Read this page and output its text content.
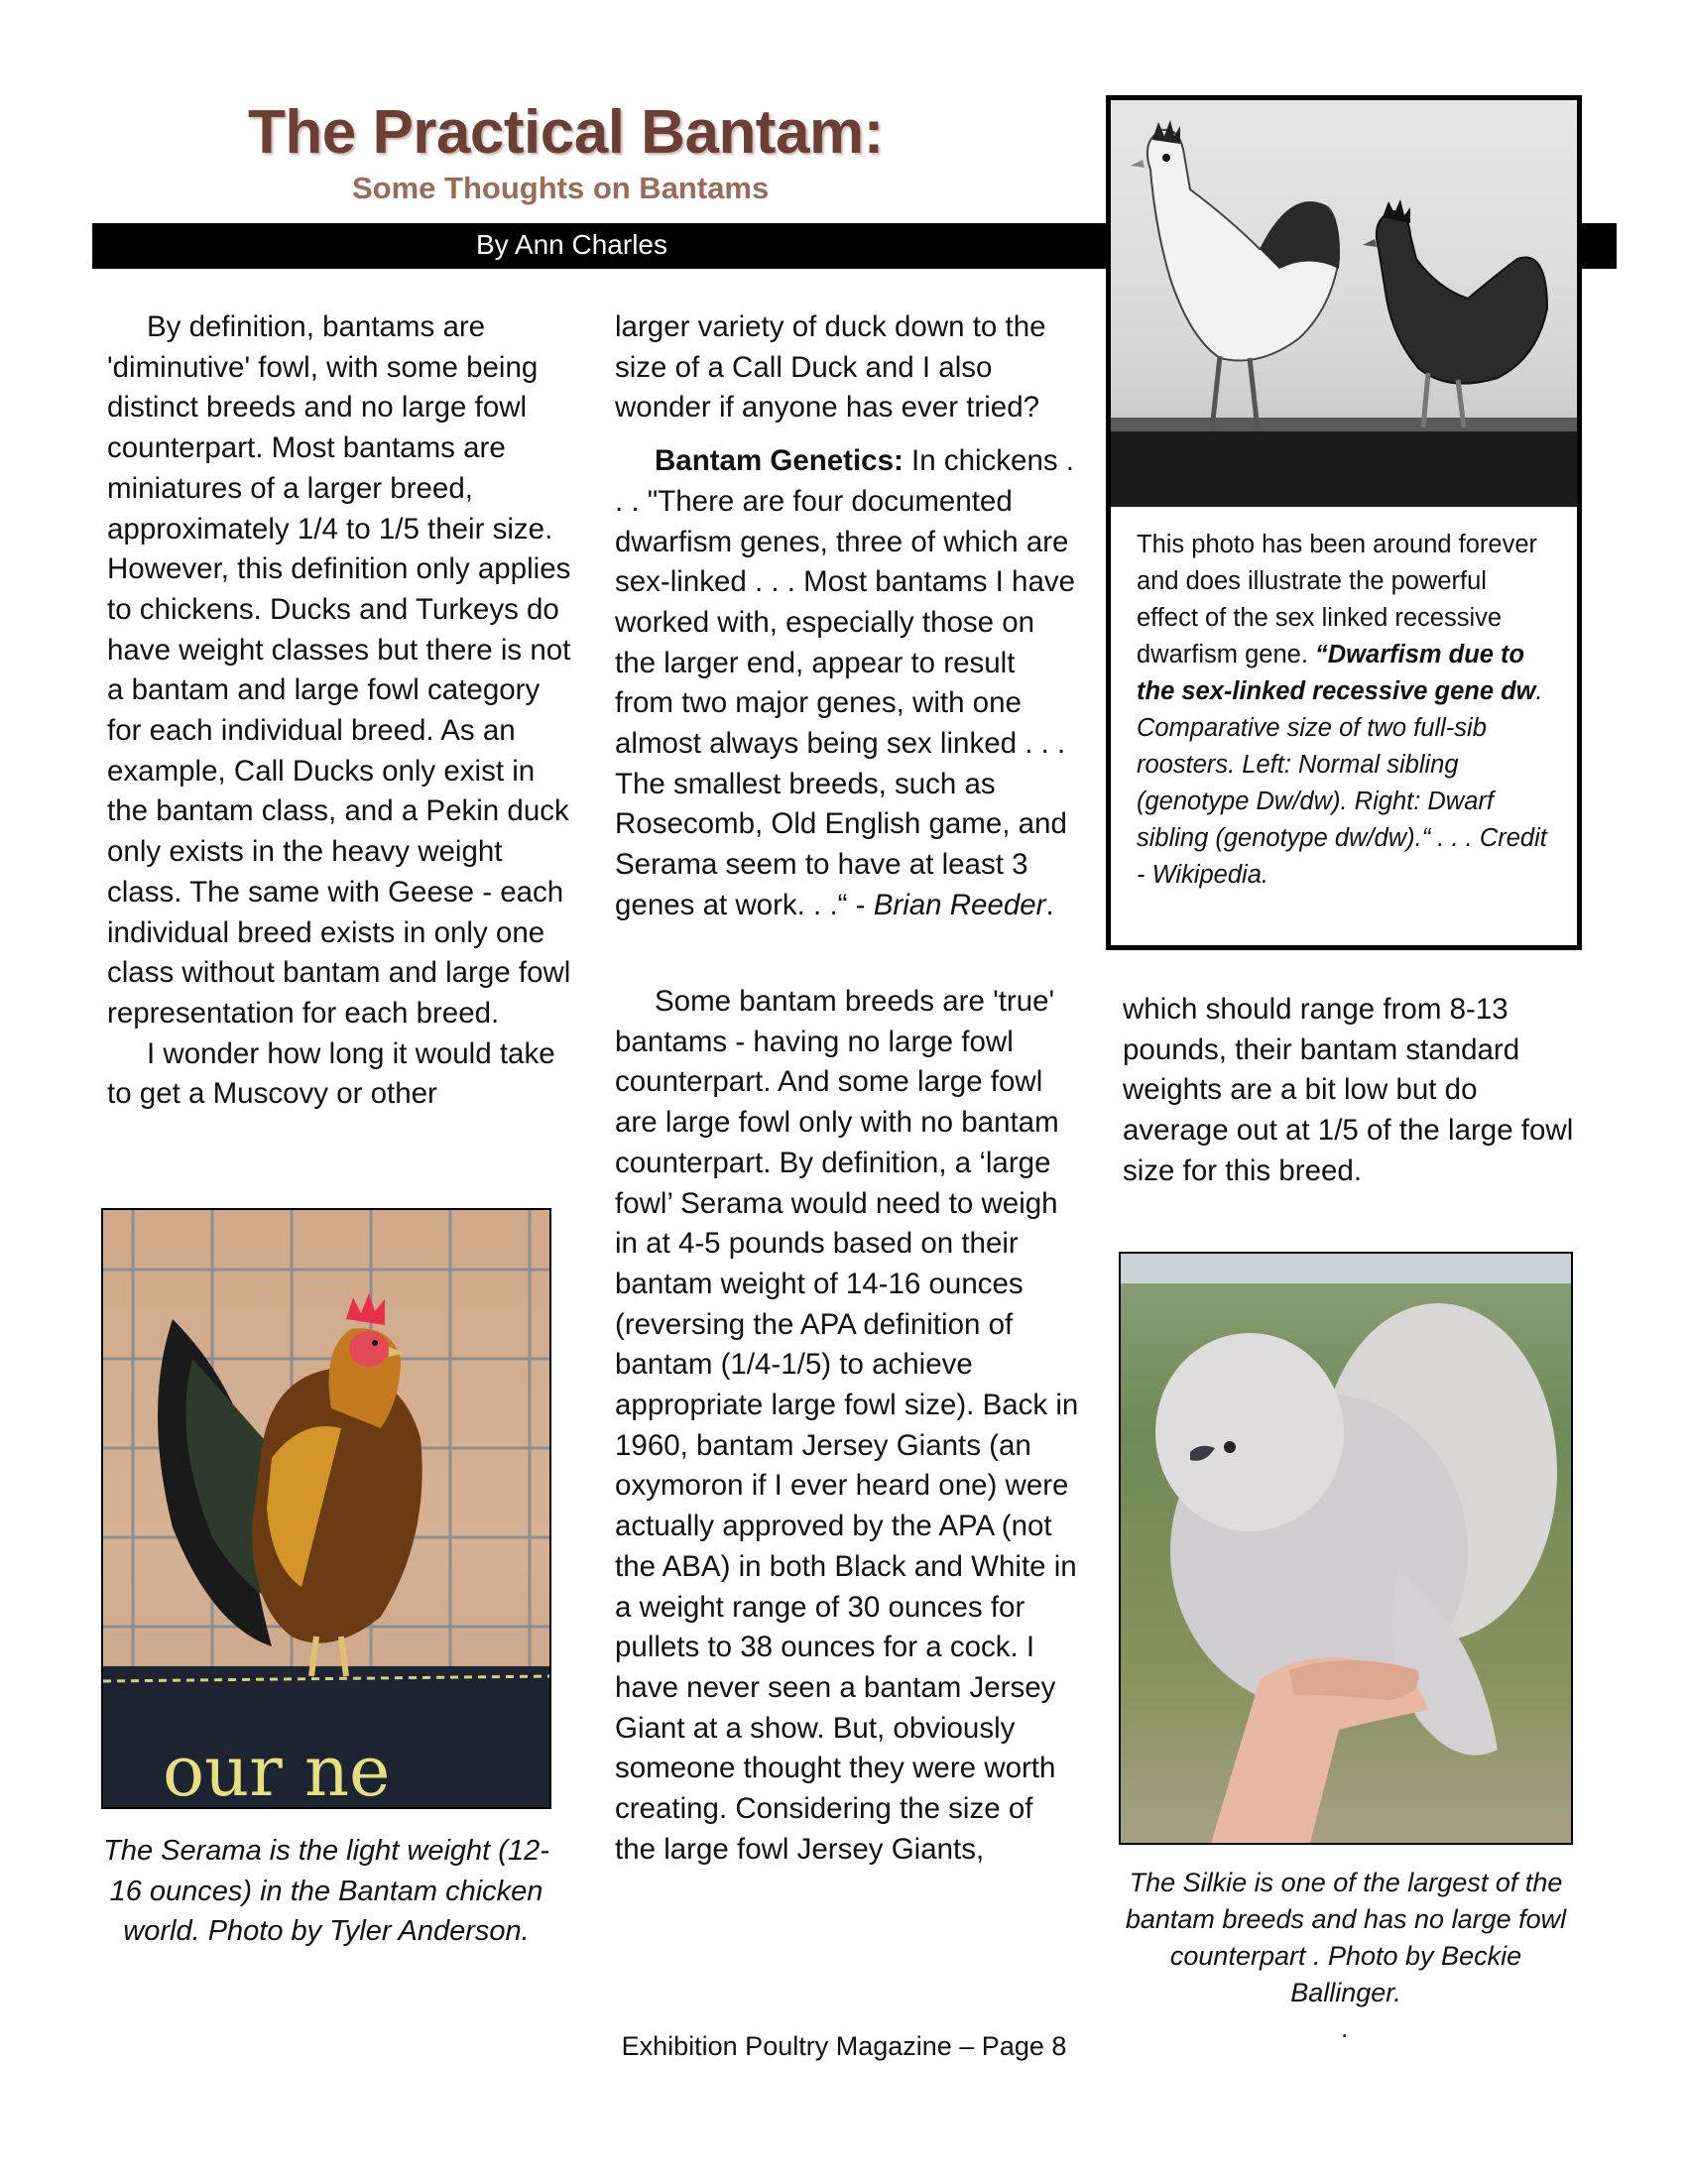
The Practical Bantam:
Some Thoughts on Bantams
By Ann Charles
This photo has been around forever and does illustrate the powerful effect of the sex linked recessive dwarfism gene. “Dwarfism due to the sex-linked recessive gene dw. Comparative size of two full-sib roosters. Left: Normal sibling (genotype Dw/dw). Right: Dwarf sibling (genotype dw/dw).“ . . . Credit - Wikipedia.

By definition, bantams are 'diminutive' fowl, with some being distinct breeds and no large fowl counterpart. Most bantams are miniatures of a larger breed, approximately 1/4 to 1/5 their size. However, this definition only applies to chickens. Ducks and Turkeys do have weight classes but there is not a bantam and large fowl category for each individual breed. As an example, Call Ducks only exist in the bantam class, and a Pekin duck only exists in the heavy weight class. The same with Geese - each individual breed exists in only one class without bantam and large fowl representation for each breed.

I wonder how long it would take to get a Muscovy or other

our ne
The Serama is the light weight (12-16 ounces) in the Bantam chicken world. Photo by Tyler Anderson.

larger variety of duck down to the size of a Call Duck and I also wonder if anyone has ever tried?

Bantam Genetics: In chickens . . . "There are four documented dwarfism genes, three of which are sex-linked . . . Most bantams I have worked with, especially those on the larger end, appear to result from two major genes, with one almost always being sex linked . . . The smallest breeds, such as Rosecomb, Old English game, and Serama seem to have at least 3 genes at work. . .“ - Brian Reeder.

Some bantam breeds are 'true' bantams - having no large fowl counterpart. And some large fowl are large fowl only with no bantam counterpart. By definition, a ‘large fowl’ Serama would need to weigh in at 4-5 pounds based on their bantam weight of 14-16 ounces (reversing the APA definition of bantam (1/4-1/5) to achieve appropriate large fowl size). Back in 1960, bantam Jersey Giants (an oxymoron if I ever heard one) were actually approved by the APA (not the ABA) in both Black and White in a weight range of 30 ounces for pullets to 38 ounces for a cock. I have never seen a bantam Jersey Giant at a show. But, obviously someone thought they were worth creating. Considering the size of the large fowl Jersey Giants,

which should range from 8-13 pounds, their bantam standard weights are a bit low but do average out at 1/5 of the large fowl size for this breed.

The Silkie is one of the largest of the bantam breeds and has no large fowl counterpart . Photo by Beckie Ballinger.
.
Exhibition Poultry Magazine – Page 8
